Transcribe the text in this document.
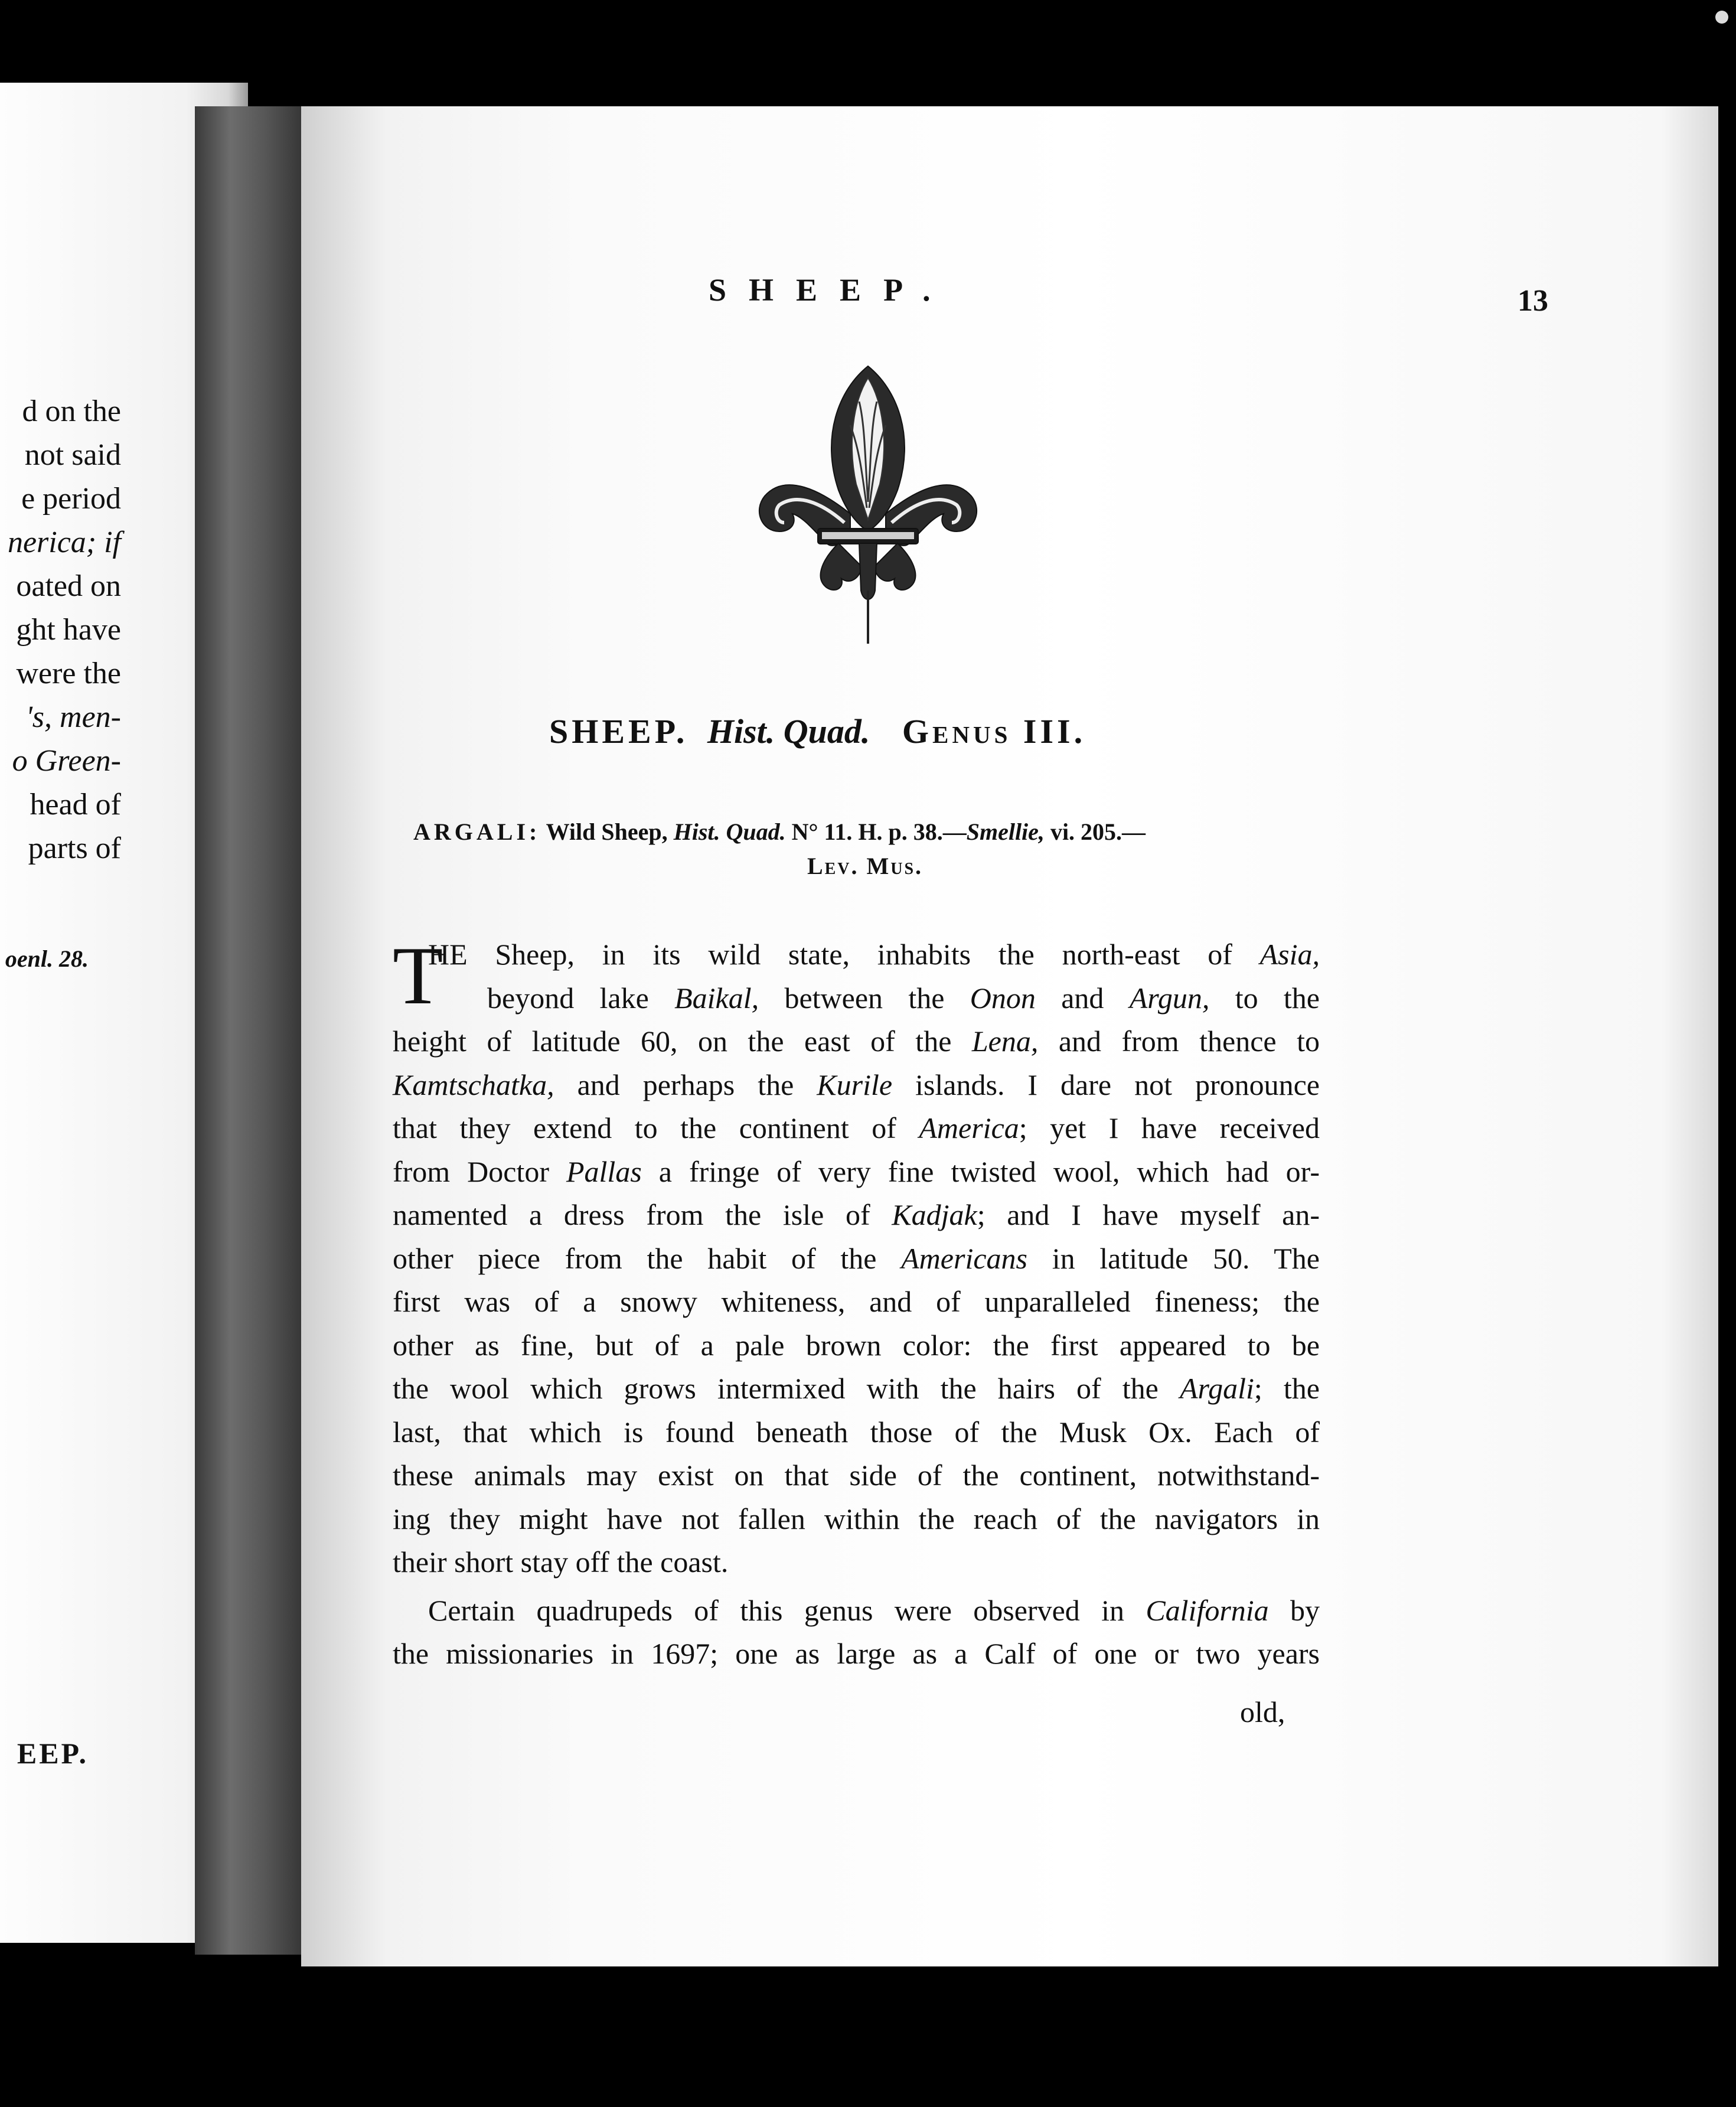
d on the
not said
e period
nerica; if
oated on
ght have
were the
's, men-
o Green-
head of
parts of
oenl. 28.
EEP.
SHEEP.	13
SHEEP. Hist. Quad. Genus III.
ARGALI: Wild Sheep, Hist. Quad. N° 11. H. p. 38.—Smellie, vi. 205.—
Lev. Mus.
T
HE Sheep, in its wild state, inhabits the north-east of Asia,
beyond lake Baikal, between the Onon and Argun, to the
height of latitude 60, on the east of the Lena, and from thence to
Kamtschatka, and perhaps the Kurile islands. I dare not pronounce
that they extend to the continent of America; yet I have received
from Doctor Pallas a fringe of very fine twisted wool, which had or-
namented a dress from the isle of Kadjak; and I have myself an-
other piece from the habit of the Americans in latitude 50. The
first was of a snowy whiteness, and of unparalleled fineness; the
other as fine, but of a pale brown color: the first appeared to be
the wool which grows intermixed with the hairs of the Argali; the
last, that which is found beneath those of the Musk Ox. Each of
these animals may exist on that side of the continent, notwithstand-
ing they might have not fallen within the reach of the navigators in
their short stay off the coast.
Certain quadrupeds of this genus were observed in California by
the missionaries in 1697; one as large as a Calf of one or two years
old,
